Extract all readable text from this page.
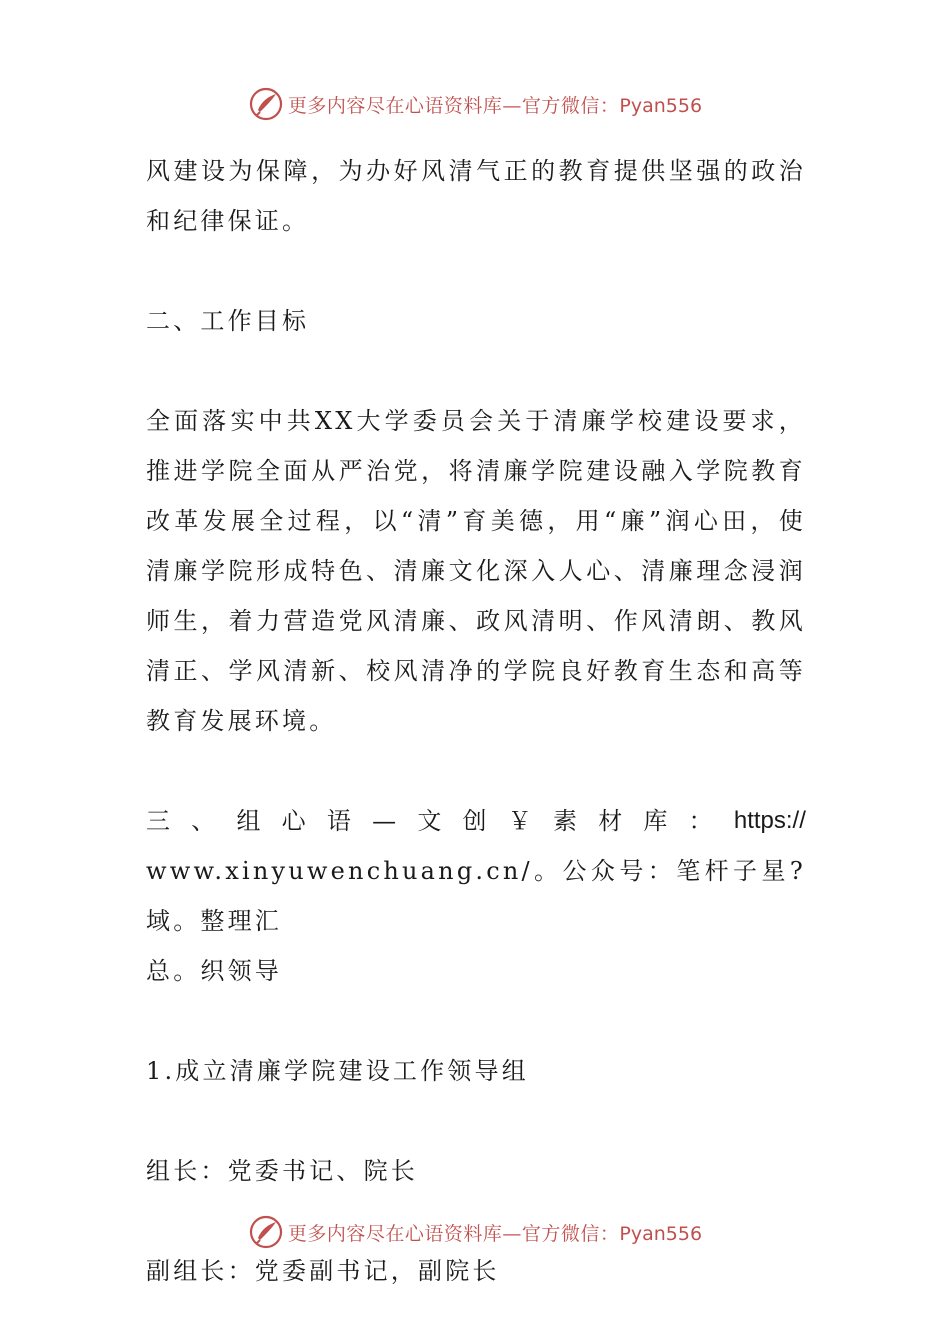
更多内容尽在心语资料库—官方微信：Pyan556

风建设为保障，为办好风清气正的教育提供坚强的政治和纪律保证。

二、工作目标

全面落实中共XX大学委员会关于清廉学校建设要求，推进学院全面从严治党，将清廉学院建设融入学院教育改革发展全过程，以“清”育美德，用“廉”润心田，使清廉学院形成特色、清廉文化深入人心、清廉理念浸润师生，着力营造党风清廉、政风清明、作风清朗、教风清正、学风清新、校风清净的学院良好教育生态和高等教育发展环境。

三 、 组 心 语 — 文 创 ￥ 素 材 库 ： https://

www.xinyuwenchuang.cn/。公众号：笔杆子星?域。整理汇

总。织领导

1.成立清廉学院建设工作领导组

组长：党委书记、院长

副组长：党委副书记，副院长

更多内容尽在心语资料库—官方微信：Pyan556
